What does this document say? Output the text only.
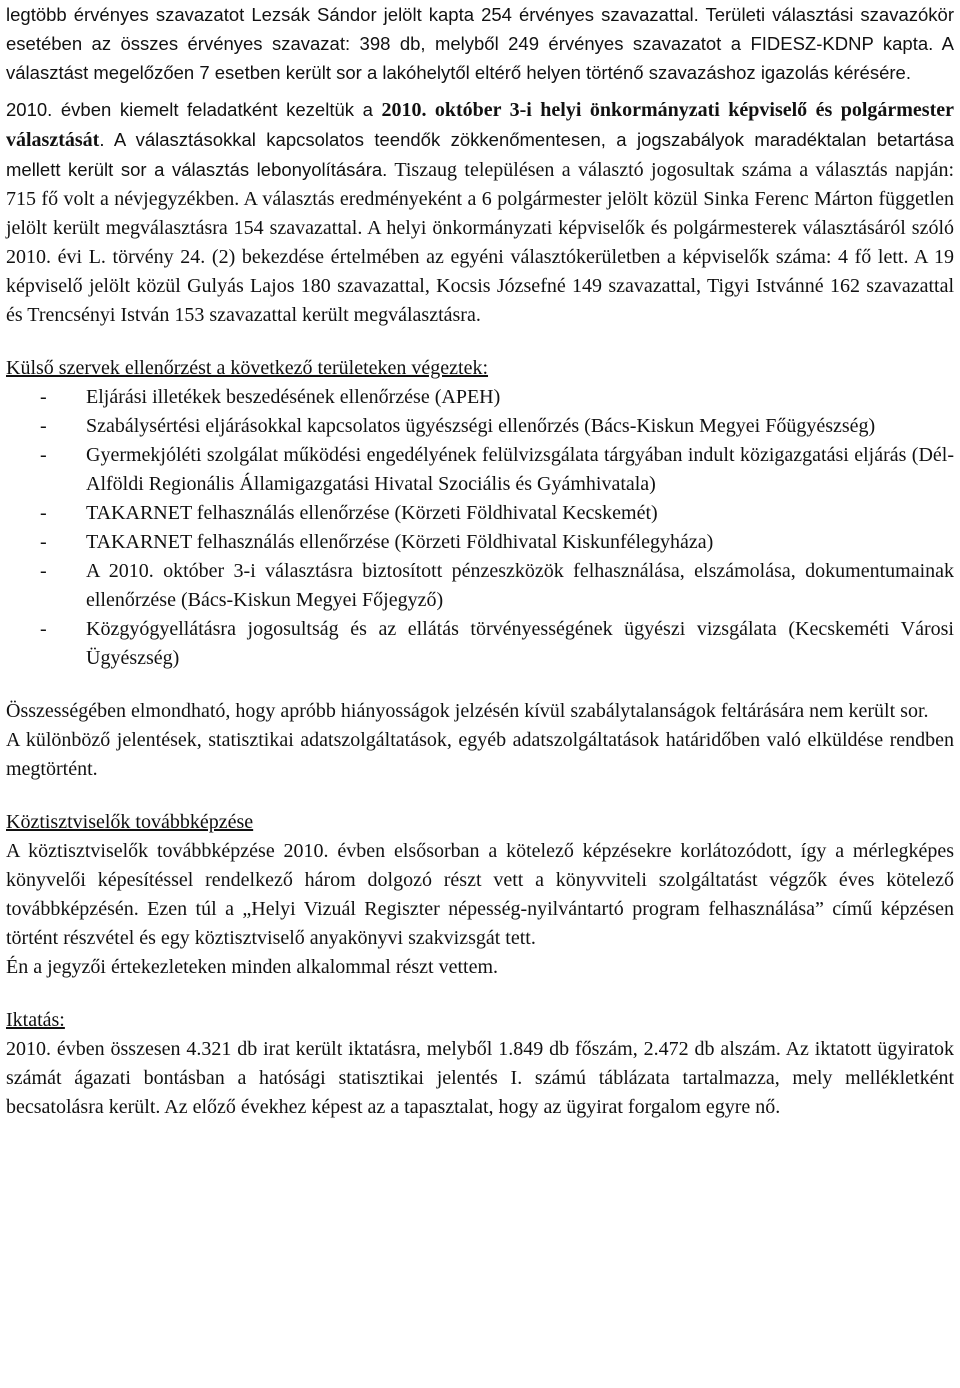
legtöbb érvényes szavazatot Lezsák Sándor jelölt kapta 254 érvényes szavazattal. Területi választási szavazókör esetében az összes érvényes szavazat: 398 db, melyből 249 érvényes szavazatot a FIDESZ-KDNP kapta. A választást megelőzően 7 esetben került sor a lakóhelytől eltérő helyen történő szavazáshoz igazolás kérésére.

2010. évben kiemelt feladatként kezeltük a 2010. október 3-i helyi önkormányzati képviselő és polgármester választását. A választásokkal kapcsolatos teendők zökkenőmentesen, a jogszabályok maradéktalan betartása mellett került sor a választás lebonyolítására. Tiszaug településen a választó jogosultak száma a választás napján: 715 fő volt a névjegyzékben. A választás eredményeként a 6 polgármester jelölt közül Sinka Ferenc Márton független jelölt került megválasztásra 154 szavazattal. A helyi önkormányzati képviselők és polgármesterek választásáról szóló 2010. évi L. törvény 24. (2) bekezdése értelmében az egyéni választókerületben a képviselők száma: 4 fő lett. A 19 képviselő jelölt közül Gulyás Lajos 180 szavazattal, Kocsis Józsefné 149 szavazattal, Tigyi Istvánné 162 szavazattal és Trencsényi István 153 szavazattal került megválasztásra.

Külső szervek ellenőrzést a következő területeken végeztek:

- Eljárási illetékek beszedésének ellenőrzése (APEH)
- Szabálysértési eljárásokkal kapcsolatos ügyészségi ellenőrzés (Bács-Kiskun Megyei Főügyészség)
- Gyermekjóléti szolgálat működési engedélyének felülvizsgálata tárgyában indult közigazgatási eljárás (Dél-Alföldi Regionális Államigazgatási Hivatal Szociális és Gyámhivatala)
- TAKARNET felhasználás ellenőrzése (Körzeti Földhivatal Kecskemét)
- TAKARNET felhasználás ellenőrzése (Körzeti Földhivatal Kiskunfélegyháza)
- A 2010. október 3-i választásra biztosított pénzeszközök felhasználása, elszámolása, dokumentumainak ellenőrzése (Bács-Kiskun Megyei Főjegyző)
- Közgyógyellátásra jogosultság és az ellátás törvényességének ügyészi vizsgálata (Kecskeméti Városi Ügyészség)

Összességében elmondható, hogy apróbb hiányosságok jelzésén kívül szabálytalanságok feltárására nem került sor.

A különböző jelentések, statisztikai adatszolgáltatások, egyéb adatszolgáltatások határidőben való elküldése rendben megtörtént.

Köztisztviselők továbbképzése

A köztisztviselők továbbképzése 2010. évben elsősorban a kötelező képzésekre korlátozódott, így a mérlegképes könyvelői képesítéssel rendelkező három dolgozó részt vett a könyvviteli szolgáltatást végzők éves kötelező továbbképzésén. Ezen túl a „Helyi Vizuál Regiszter népesség-nyilvántartó program felhasználása” című képzésen történt részvétel és egy köztisztviselő anyakönyvi szakvizsgát tett.

Én a jegyzői értekezleteken minden alkalommal részt vettem.

Iktatás:

2010. évben összesen 4.321 db irat került iktatásra, melyből 1.849 db főszám, 2.472 db alszám. Az iktatott ügyiratok számát ágazati bontásban a hatósági statisztikai jelentés I. számú táblázata tartalmazza, mely mellékletként becsatolásra került. Az előző évekhez képest az a tapasztalat, hogy az ügyirat forgalom egyre nő.
